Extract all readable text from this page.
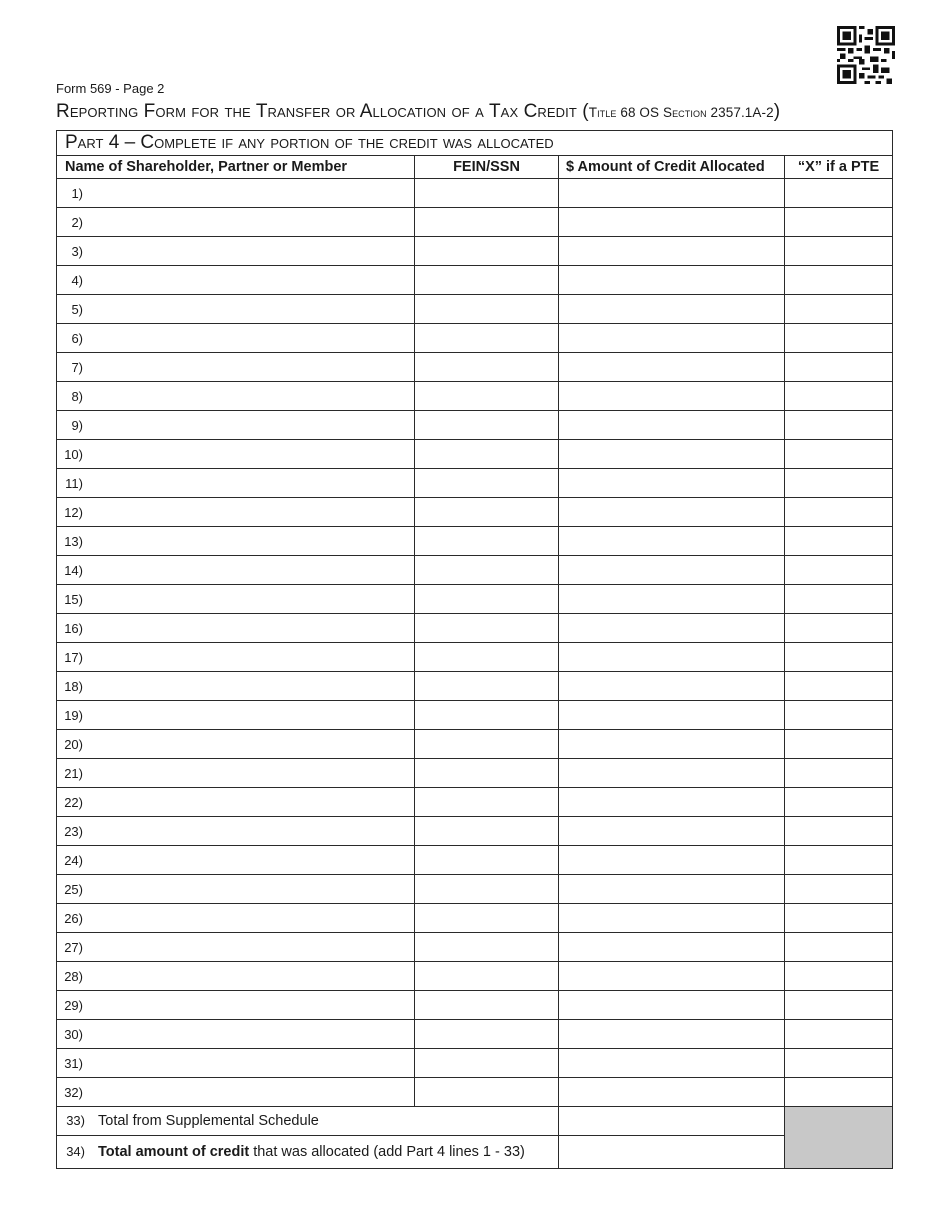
Form 569 - Page 2
Reporting Form for the Transfer or Allocation of a Tax Credit (Title 68 OS Section 2357.1A-2)
Part 4 – Complete if any portion of the credit was allocated			
Name of Shareholder, Partner or Member	FEIN/SSN	$ Amount of Credit Allocated	“X” if a PTE
1)			
2)			
3)			
4)			
5)			
6)			
7)			
8)			
9)			
10)			
11)			
12)			
13)			
14)			
15)			
16)			
17)			
18)			
19)			
20)			
21)			
22)			
23)			
24)			
25)			
26)			
27)			
28)			
29)			
30)			
31)			
32)			
33) Total from Supplemental Schedule			
34) Total amount of credit that was allocated (add Part 4 lines 1 - 33)			
